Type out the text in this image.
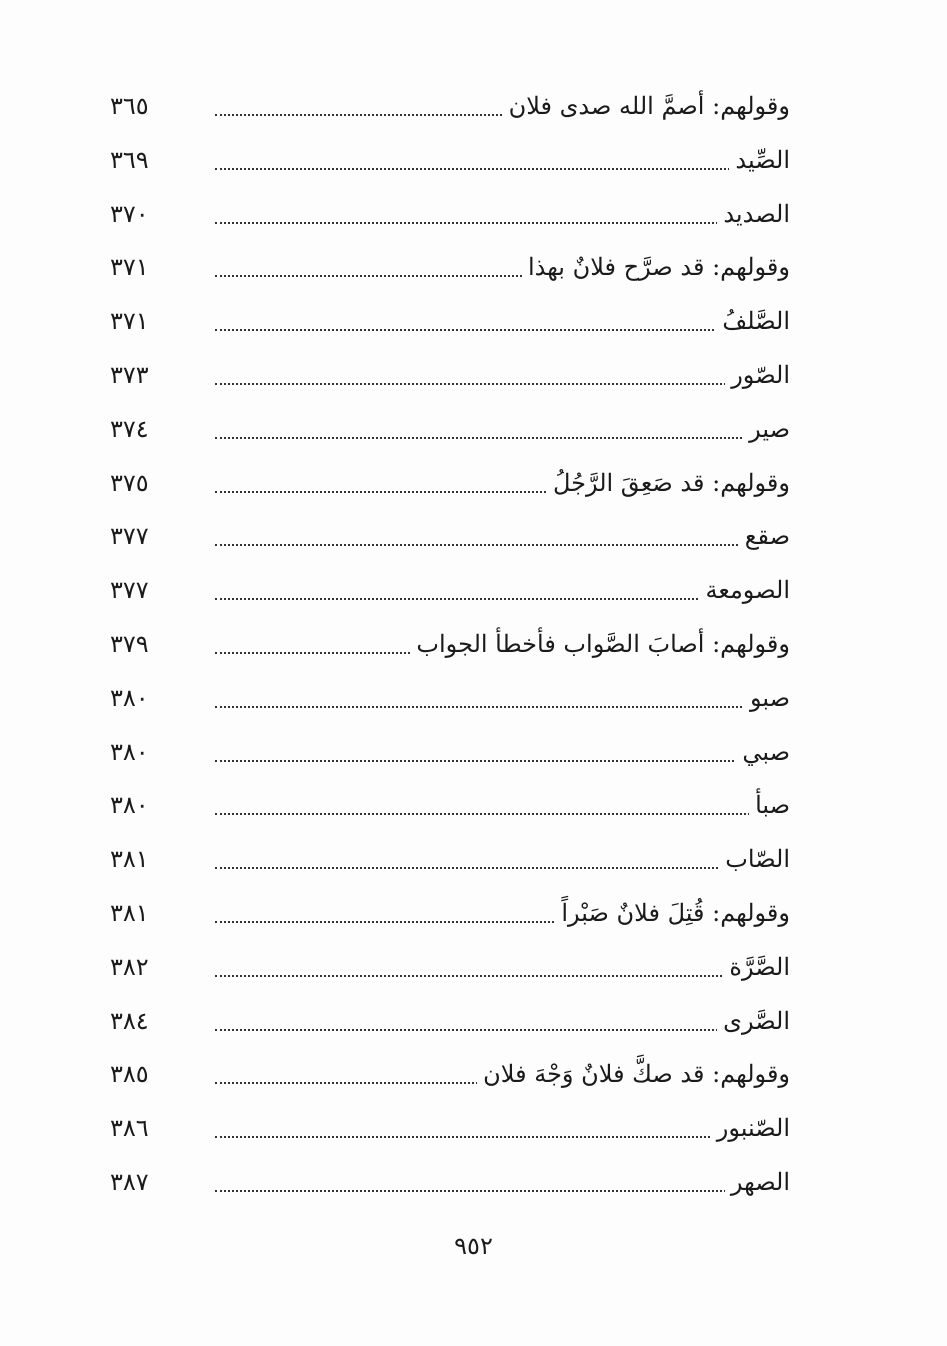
وقولهم: أصمَّ الله صدى فلان
٣٦٥
الصِّيد
٣٦٩
الصديد
٣٧٠
وقولهم: قد صرَّح فلانٌ بهذا
٣٧١
الصَّلفُ
٣٧١
الصّور
٣٧٣
صير
٣٧٤
وقولهم: قد صَعِقَ الرَّجُلُ
٣٧٥
صقع
٣٧٧
الصومعة
٣٧٧
وقولهم: أصابَ الصَّواب فأخطأ الجواب
٣٧٩
صبو
٣٨٠
صبي
٣٨٠
صبأ
٣٨٠
الصّاب
٣٨١
وقولهم: قُتِلَ فلانٌ صَبْراً
٣٨١
الصَّرَّة
٣٨٢
الصَّرى
٣٨٤
وقولهم: قد صكَّ فلانٌ وَجْهَ فلان
٣٨٥
الصّنبور
٣٨٦
الصهر
٣٨٧
٩٥٢
